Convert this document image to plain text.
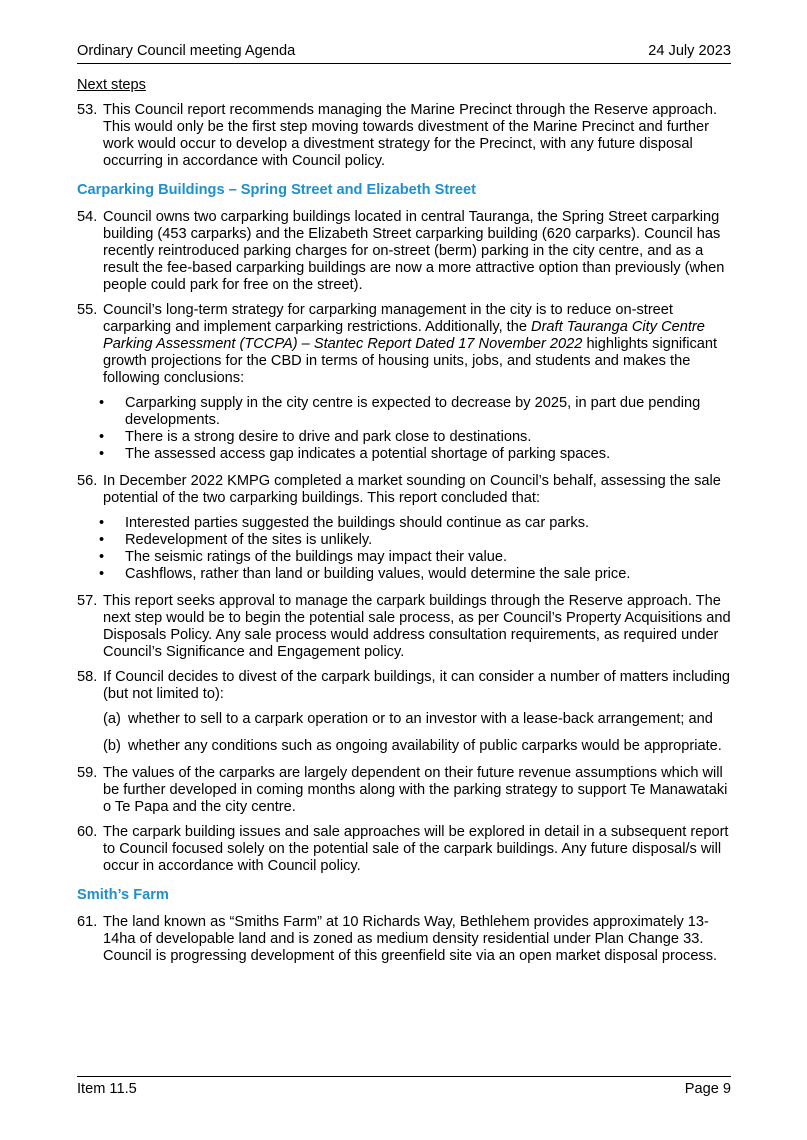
Ordinary Council meeting Agenda	24 July 2023
Next steps
53. This Council report recommends managing the Marine Precinct through the Reserve approach. This would only be the first step moving towards divestment of the Marine Precinct and further work would occur to develop a divestment strategy for the Precinct, with any future disposal occurring in accordance with Council policy.
Carparking Buildings – Spring Street and Elizabeth Street
54. Council owns two carparking buildings located in central Tauranga, the Spring Street carparking building (453 carparks) and the Elizabeth Street carparking building (620 carparks). Council has recently reintroduced parking charges for on-street (berm) parking in the city centre, and as a result the fee-based carparking buildings are now a more attractive option than previously (when people could park for free on the street).
55. Council’s long-term strategy for carparking management in the city is to reduce on-street carparking and implement carparking restrictions. Additionally, the Draft Tauranga City Centre Parking Assessment (TCCPA) – Stantec Report Dated 17 November 2022 highlights significant growth projections for the CBD in terms of housing units, jobs, and students and makes the following conclusions:
• Carparking supply in the city centre is expected to decrease by 2025, in part due pending developments.
• There is a strong desire to drive and park close to destinations.
• The assessed access gap indicates a potential shortage of parking spaces.
56. In December 2022 KMPG completed a market sounding on Council’s behalf, assessing the sale potential of the two carparking buildings. This report concluded that:
• Interested parties suggested the buildings should continue as car parks.
• Redevelopment of the sites is unlikely.
• The seismic ratings of the buildings may impact their value.
• Cashflows, rather than land or building values, would determine the sale price.
57. This report seeks approval to manage the carpark buildings through the Reserve approach. The next step would be to begin the potential sale process, as per Council’s Property Acquisitions and Disposals Policy. Any sale process would address consultation requirements, as required under Council’s Significance and Engagement policy.
58. If Council decides to divest of the carpark buildings, it can consider a number of matters including (but not limited to):
(a) whether to sell to a carpark operation or to an investor with a lease-back arrangement; and
(b) whether any conditions such as ongoing availability of public carparks would be appropriate.
59. The values of the carparks are largely dependent on their future revenue assumptions which will be further developed in coming months along with the parking strategy to support Te Manawataki o Te Papa and the city centre.
60. The carpark building issues and sale approaches will be explored in detail in a subsequent report to Council focused solely on the potential sale of the carpark buildings. Any future disposal/s will occur in accordance with Council policy.
Smith’s Farm
61. The land known as “Smiths Farm” at 10 Richards Way, Bethlehem provides approximately 13-14ha of developable land and is zoned as medium density residential under Plan Change 33. Council is progressing development of this greenfield site via an open market disposal process.
Item 11.5	Page 9
